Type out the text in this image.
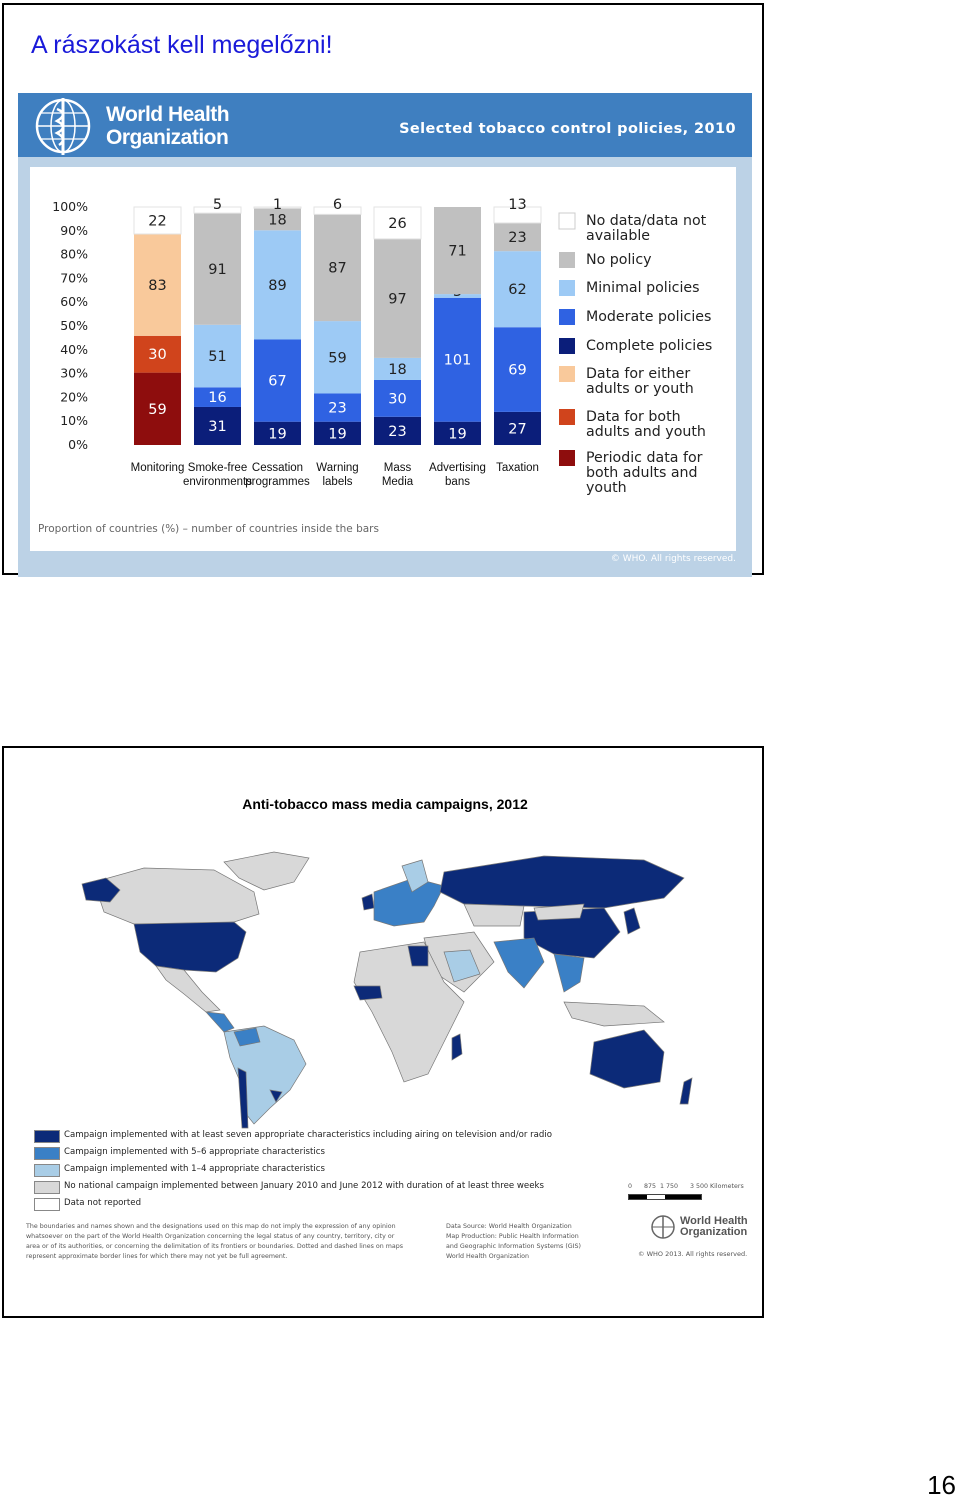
A rászokást kell megelőzni!
World Health
Organization	Selected tobacco control policies, 2010
0%
10%
20%
30%
40%
50%
60%
70%
80%
90%
100%
59
30
83
22
Monitoring
31
16
51
91
5
Smoke-free
environments
19
67
89
18
1
Cessation
programmes
19
23
59
87
6
Warning
labels
23
30
18
97
26
Mass
Media
19
101
71
Advertising
bans
27
69
62
23
13
Taxation
No data/data not available
No policy
Minimal policies
Moderate policies
Complete policies
Data for either adults or youth
Data for both adults and youth
Periodic data for both adults and youth
Proportion of countries (%) – number of countries inside the bars
© WHO. All rights reserved.
Anti-tobacco mass media campaigns, 2012
Campaign implemented with at least seven appropriate characteristics including airing on television and/or radio
Campaign implemented with 5–6 appropriate characteristics
Campaign implemented with 1–4 appropriate characteristics
No national campaign implemented between January 2010 and June 2012 with duration of at least three weeks
Data not reported
The boundaries and names shown and the designations used on this map do not imply the expression of any opinion whatsoever on the part of the World Health Organization concerning the legal status of any country, territory, city or area or of its authorities, or concerning the delimitation of its frontiers or boundaries. Dotted and dashed lines on maps represent approximate border lines for which there may not yet be full agreement.
Data Source: World Health Organization
Map Production: Public Health Information
and Geographic Information Systems (GIS)
World Health Organization
0 875 1 750 3 500 Kilometers
World Health
Organization
© WHO 2013. All rights reserved.
16
